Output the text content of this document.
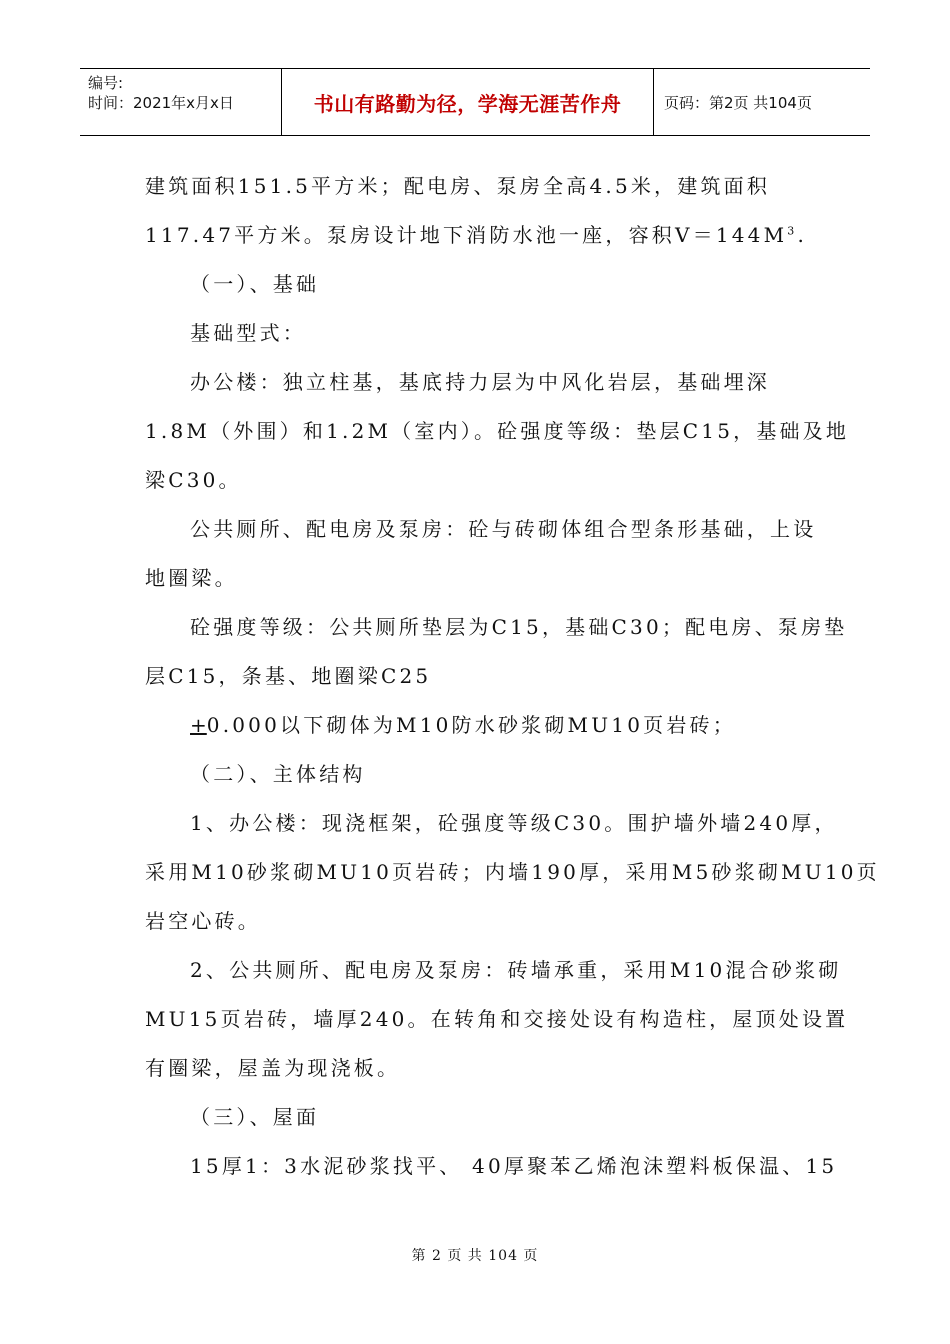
编号:
时间：2021年x月x日	书山有路勤为径，学海无涯苦作舟	页码：第2页 共104页
建筑面积151.5平方米；配电房、泵房全高4.5米，建筑面积
117.47平方米。泵房设计地下消防水池一座，容积$V=144M^3$.
（一）、基础
基础型式：
办公楼：独立柱基，基底持力层为中风化岩层，基础埋深
1.8M（外围）和1.2M（室内）。砼强度等级：垫层C15，基础及地
梁C30。
公共厕所、配电房及泵房：砼与砖砌体组合型条形基础，上设
地圈梁。
砼强度等级：公共厕所垫层为C15，基础C30；配电房、泵房垫
层C15，条基、地圈梁C25
+0.000以下砌体为M10防水砂浆砌MU10页岩砖；
（二）、主体结构
1、办公楼：现浇框架，砼强度等级C30。围护墙外墙240厚，
采用M10砂浆砌MU10页岩砖；内墙190厚，采用M5砂浆砌MU10页
岩空心砖。
2、公共厕所、配电房及泵房：砖墙承重，采用M10混合砂浆砌
MU15页岩砖，墙厚240。在转角和交接处设有构造柱，屋顶处设置
有圈梁，屋盖为现浇板。
（三）、屋面
15厚1：3水泥砂浆找平、 40厚聚苯乙烯泡沫塑料板保温、15
第 2 页 共 104 页
